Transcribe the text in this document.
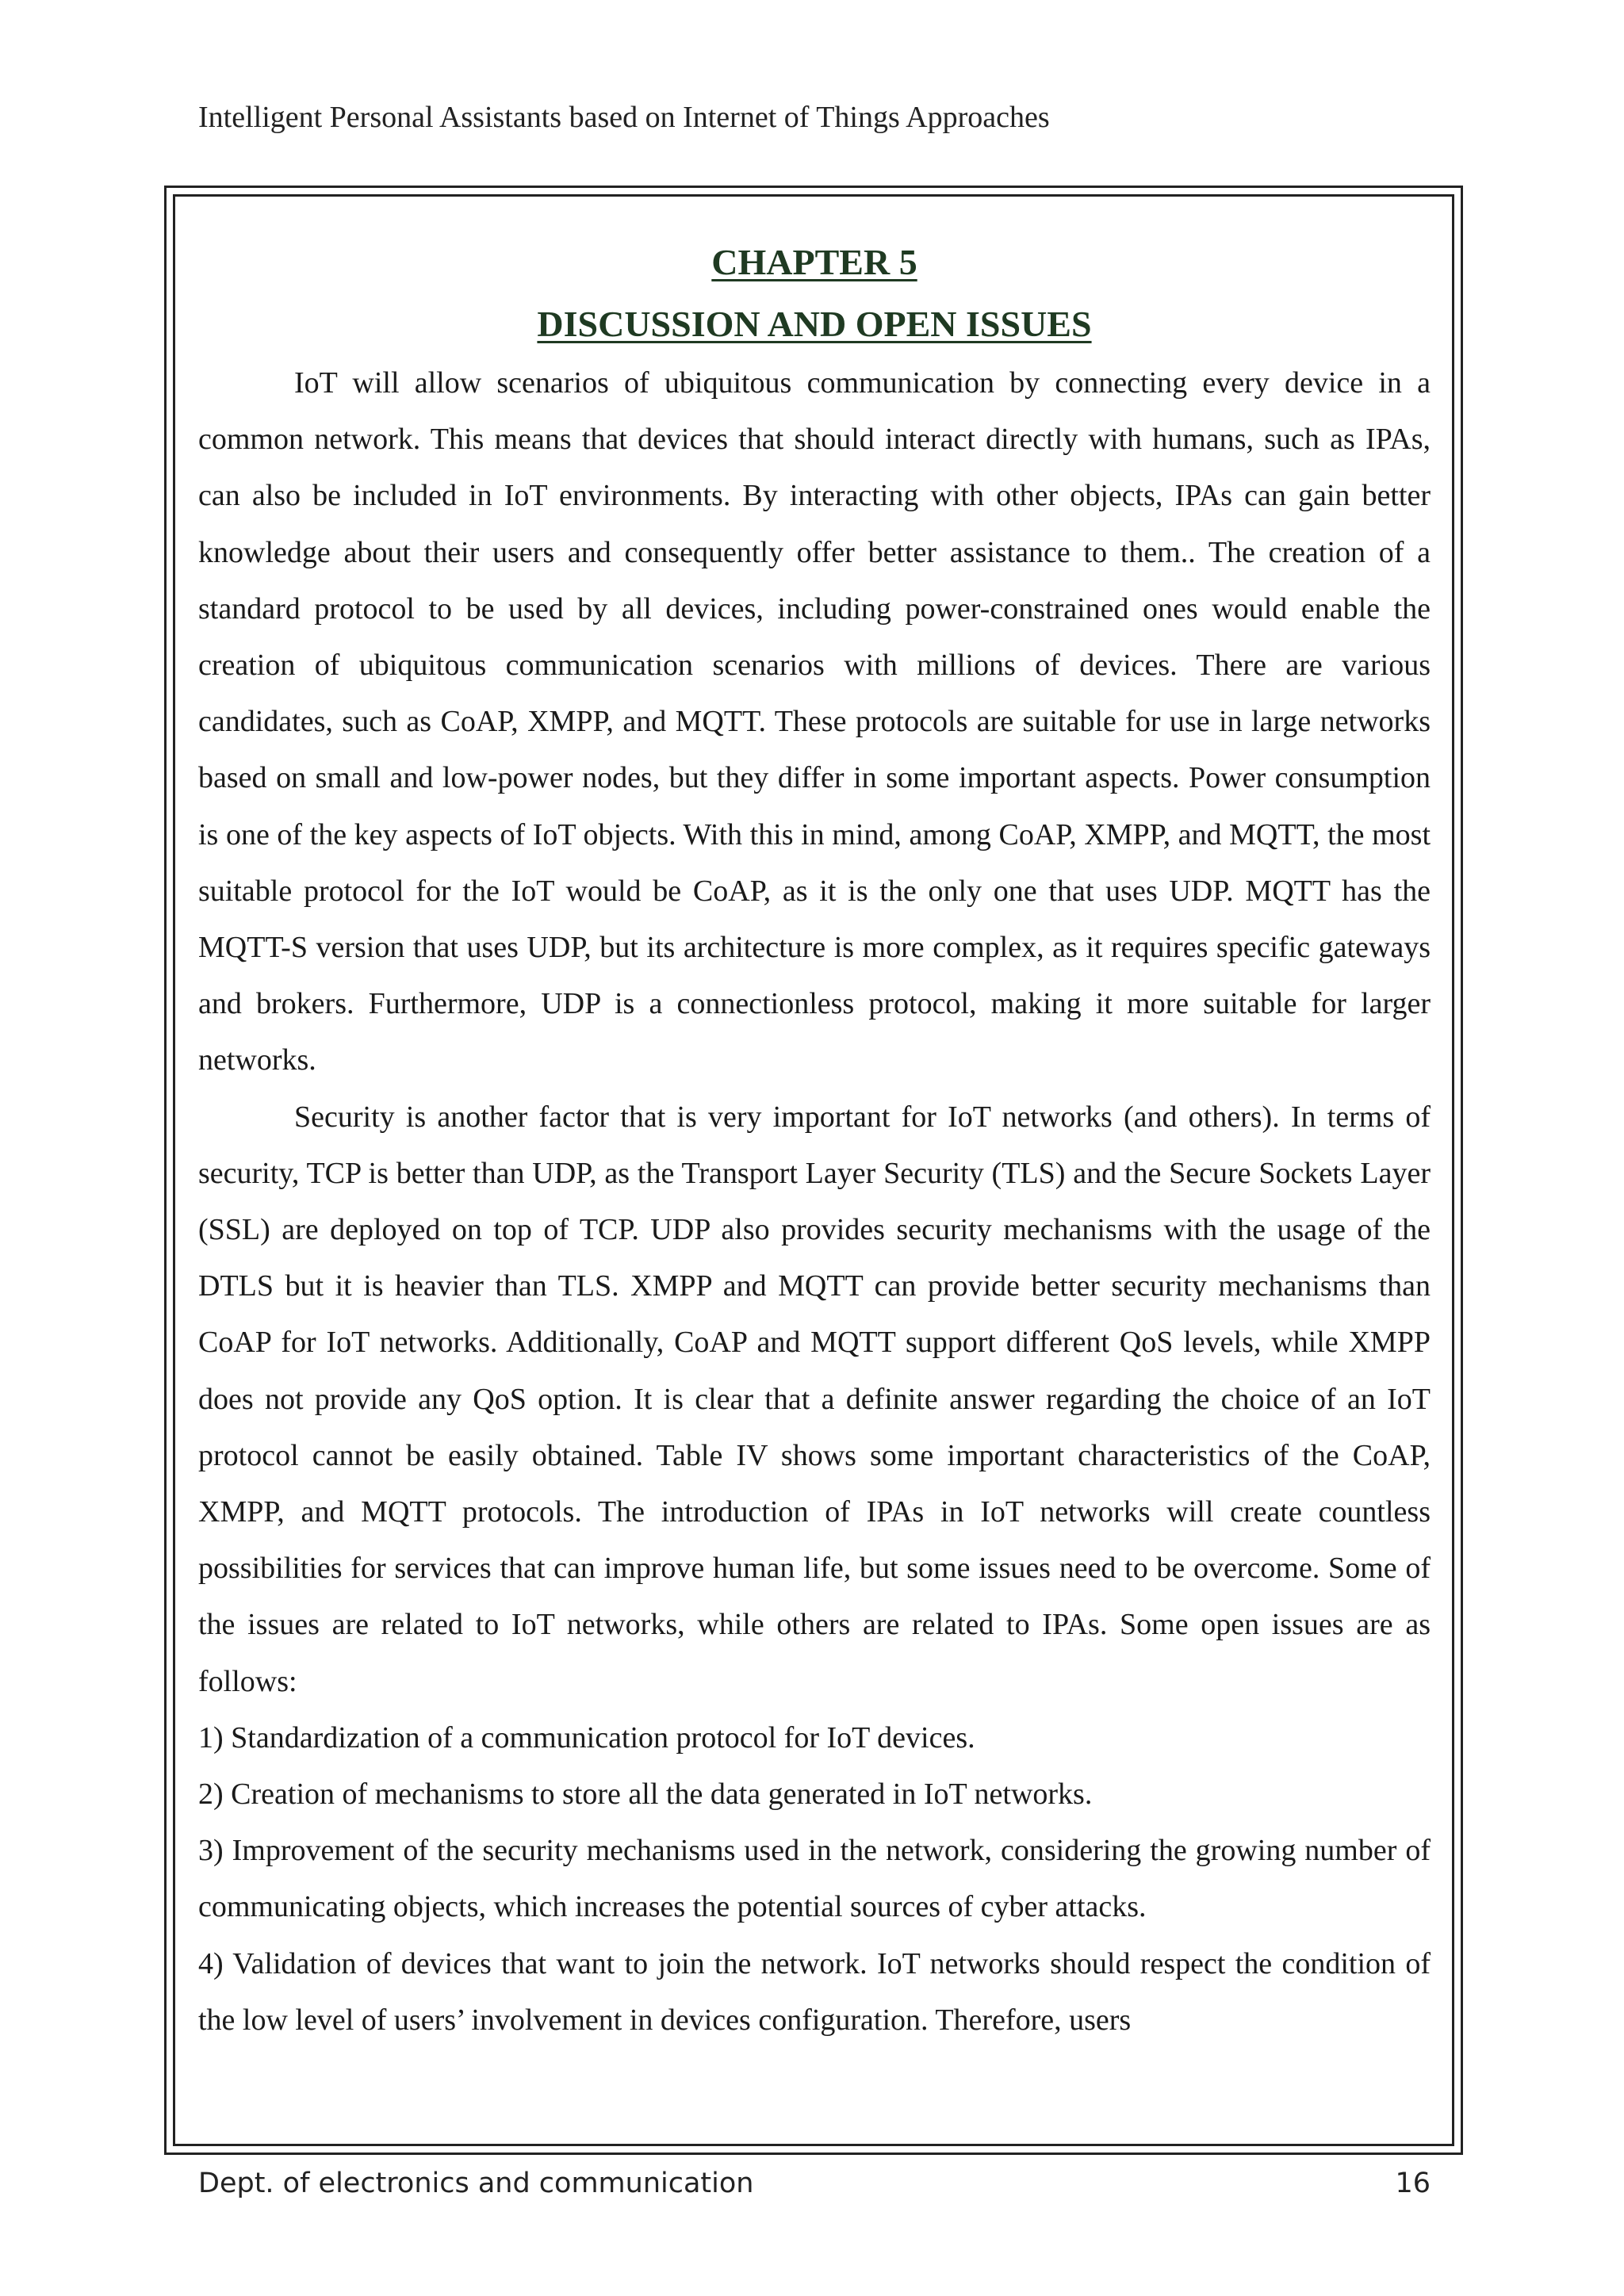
Intelligent Personal Assistants based on Internet of Things Approaches
CHAPTER 5
DISCUSSION AND OPEN ISSUES

IoT will allow scenarios of ubiquitous communication by connecting every device in a common network. This means that devices that should interact directly with humans, such as IPAs, can also be included in IoT environments. By interacting with other objects, IPAs can gain better knowledge about their users and consequently offer better assistance to them.. The creation of a standard protocol to be used by all devices, including power-constrained ones would enable the creation of ubiquitous communication scenarios with millions of devices. There are various candidates, such as CoAP, XMPP, and MQTT. These protocols are suitable for use in large networks based on small and low-power nodes, but they differ in some important aspects. Power consumption is one of the key aspects of IoT objects. With this in mind, among CoAP, XMPP, and MQTT, the most suitable protocol for the IoT would be CoAP, as it is the only one that uses UDP. MQTT has the MQTT-S version that uses UDP, but its architecture is more complex, as it requires specific gateways and brokers. Furthermore, UDP is a connectionless protocol, making it more suitable for larger networks.

Security is another factor that is very important for IoT networks (and others). In terms of security, TCP is better than UDP, as the Transport Layer Security (TLS) and the Secure Sockets Layer (SSL) are deployed on top of TCP. UDP also provides security mechanisms with the usage of the DTLS but it is heavier than TLS. XMPP and MQTT can provide better security mechanisms than CoAP for IoT networks. Additionally, CoAP and MQTT support different QoS levels, while XMPP does not provide any QoS option. It is clear that a definite answer regarding the choice of an IoT protocol cannot be easily obtained. Table IV shows some important characteristics of the CoAP, XMPP, and MQTT protocols. The introduction of IPAs in IoT networks will create countless possibilities for services that can improve human life, but some issues need to be overcome. Some of the issues are related to IoT networks, while others are related to IPAs. Some open issues are as follows:

1) Standardization of a communication protocol for IoT devices.

2) Creation of mechanisms to store all the data generated in IoT networks.

3) Improvement of the security mechanisms used in the network, considering the growing number of communicating objects, which increases the potential sources of cyber attacks.

4) Validation of devices that want to join the network. IoT networks should respect the condition of the low level of users’ involvement in devices configuration. Therefore, users

Dept. of electronics and communication	16
